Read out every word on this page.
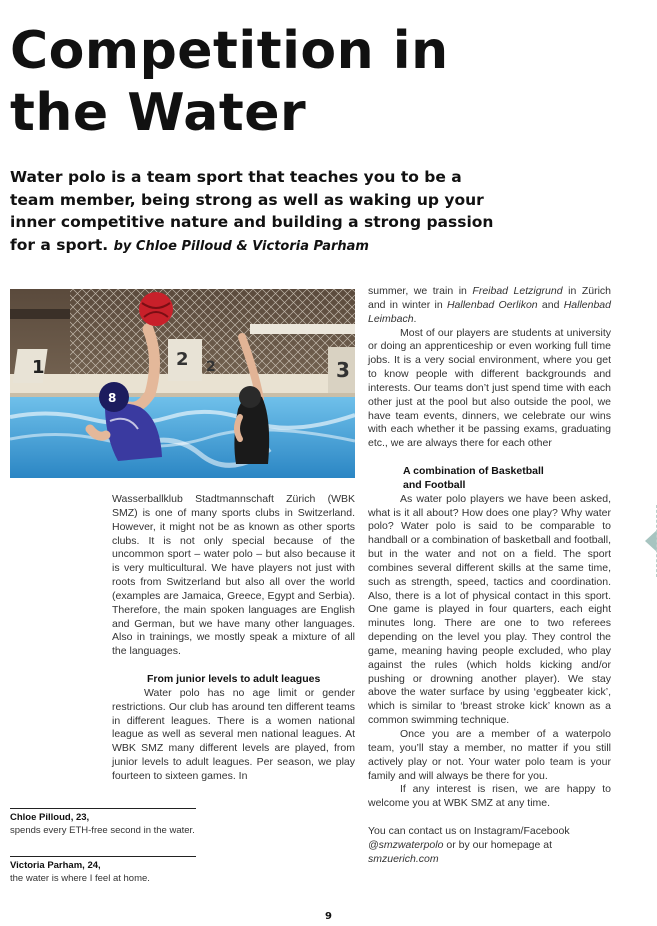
Competition in
the Water

Water polo is a team sport that teaches you to be a team member, being strong as well as waking up your inner competitive nature and building a strong passion for a sport. by Chloe Pilloud & Victoria Parham

1	2 2	3
8

Wasserballklub Stadtmannschaft Zürich (WBK SMZ) is one of many sports clubs in Switzerland. However, it might not be as known as other sports clubs. It is not only special because of the uncommon sport – water polo – but also because it is very multicultural. We have players not just with roots from Switzerland but also all over the world (examples are Jamaica, Greece, Egypt and Serbia). Therefore, the main spoken languages are English and German, but we have many other languages. Also in trainings, we mostly speak a mixture of all the languages.

From junior levels to adult leagues

Water polo has no age limit or gender restrictions. Our club has around ten different teams in different leagues. There is a women national league as well as several men national leagues. At WBK SMZ many different levels are played, from junior levels to adult leagues. Per season, we play fourteen to sixteen games. In

summer, we train in Freibad Letzigrund in Zürich and in winter in Hallenbad Oerlikon and Hallenbad Leimbach.

Most of our players are students at university or doing an apprenticeship or even working full time jobs. It is a very social environment, where you get to know people with different backgrounds and interests. Our teams don’t just spend time with each other just at the pool but also outside the pool, we have team events, dinners, we celebrate our wins with each whether it be passing exams, graduating etc., we are always there for each other

A combination of Basketball
and Football

As water polo players we have been asked, what is it all about? How does one play? Why water polo? Water polo is said to be comparable to handball or a combination of basketball and football, but in the water and not on a field. The sport combines several different skills at the same time, such as strength, speed, tactics and coordination. Also, there is a lot of physical contact in this sport. One game is played in four quarters, each eight minutes long. There are one to two referees depending on the level you play. They control the game, meaning having people excluded, who play against the rules (which holds kicking and/or pushing or drowning another player). We stay above the water surface by using ‘eggbeater kick’, which is similar to ‘breast stroke kick’ known as a common swimming technique.

Once you are a member of a waterpolo team, you’ll stay a member, no matter if you still actively play or not. Your water polo team is your family and will always be there for you.

If any interest is risen, we are happy to welcome you at WBK SMZ at any time.

You can contact us on Instagram/Facebook
@smzwaterpolo or by our homepage at
smzuerich.com

Chloe Pilloud, 23,
spends every ETH-free second in the water.
Victoria Parham, 24,
the water is where I feel at home.
9
